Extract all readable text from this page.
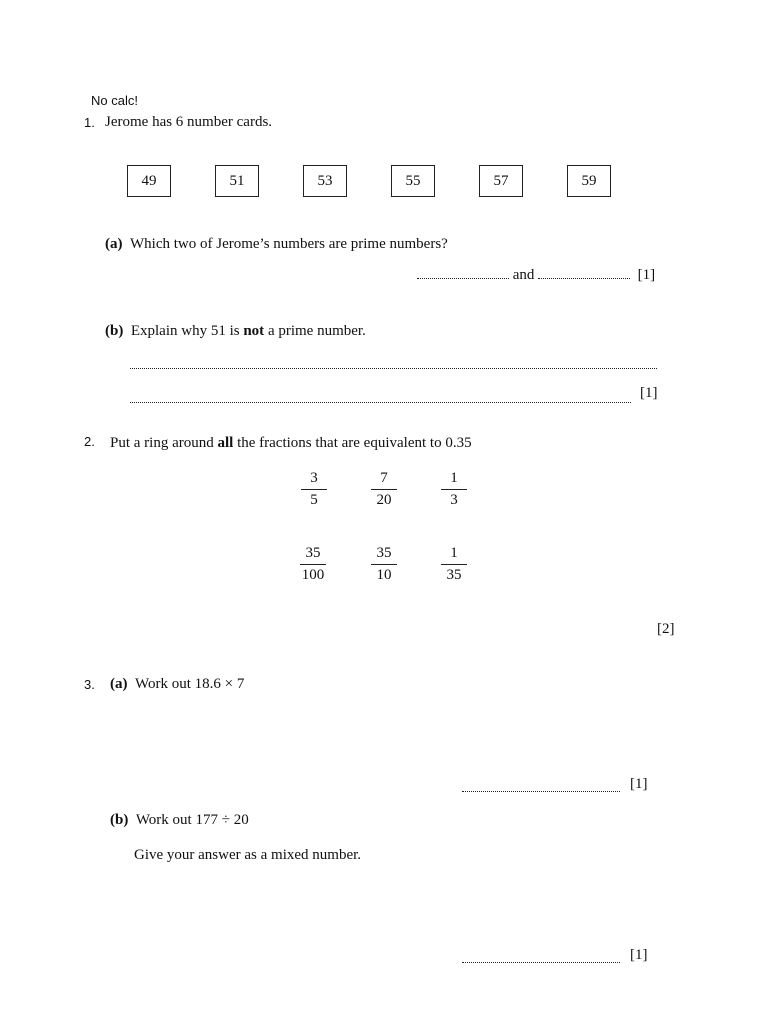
No calc!
1. Jerome has 6 number cards.
49	51	53	55	57	59
(a) Which two of Jerome’s numbers are prime numbers?
and	[1]
(b) Explain why 51 is not a prime number.
[1]
2. Put a ring around all the fractions that are equivalent to 0.35
3
5
7
20
1
3
35
100
35
10
1
35
[2]
3. (a) Work out 18.6 × 7
[1]
(b) Work out 177 ÷ 20
Give your answer as a mixed number.
[1]
